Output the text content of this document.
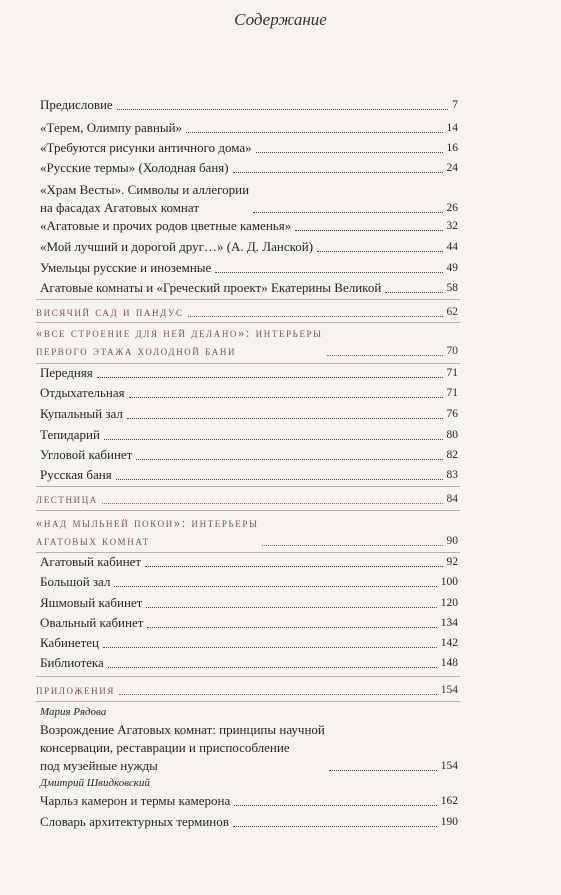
Содержание
Предисловие	7
«Терем, Олимпу равный»	14
«Требуются рисунки античного дома»	16
«Русские термы» (Холодная баня)	24
«Храм Весты». Символы и аллегории
на фасадах Агатовых комнат	26
«Агатовые и прочих родов цветные каменья»	32
«Мой лучший и дорогой друг…» (А. Д. Ланской)	44
Умельцы русские и иноземные	49
Агатовые комнаты и «Греческий проект» Екатерины Великой	58
висячий сад и пандус	62
«все строение для ней делано»: интерьеры
первого этажа холодной бани	70
Передняя	71
Отдыхательная	71
Купальный зал	76
Тепидарий	80
Угловой кабинет	82
Русская баня	83
лестница	84
«над мыльней покои»: интерьеры
агатовых комнат	90
Агатовый кабинет	92
Большой зал	100
Яшмовый кабинет	120
Овальный кабинет	134
Кабинетец	142
Библиотека	148
приложения	154
Мария Рядова
Возрождение Агатовых комнат: принципы научной
консервации, реставрации и приспособление
под музейные нужды	154
Дмитрий Швидковский
Чарльз камерон и термы камерона	162
Словарь архитектурных терминов	190
